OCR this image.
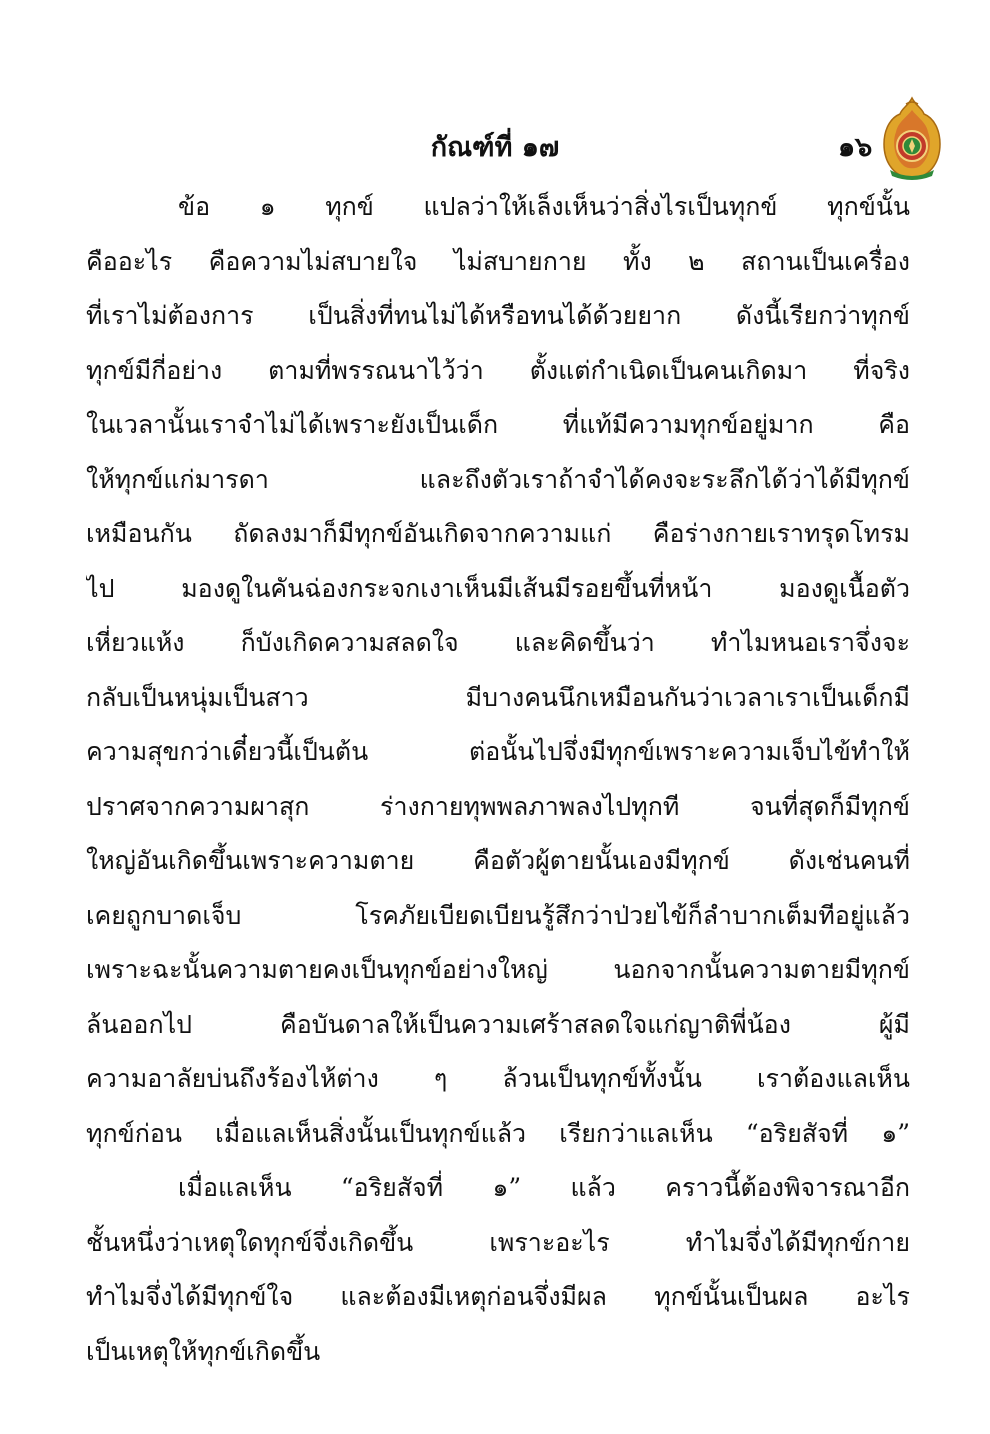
กัณฑ์ที่ ๑๗	๑๖
ข้อ ๑ ทุกข์ แปลว่าให้เล็งเห็นว่าสิ่งไรเป็นทุกข์ ทุกข์นั้น
คืออะไร คือความไม่สบายใจ ไม่สบายกาย ทั้ง ๒ สถานเป็นเครื่อง
ที่เราไม่ต้องการ เป็นสิ่งที่ทนไม่ได้หรือทนได้ด้วยยาก ดังนี้เรียกว่าทุกข์
ทุกข์มีกี่อย่าง ตามที่พรรณนาไว้ว่า ตั้งแต่กำเนิดเป็นคนเกิดมา ที่จริง
ในเวลานั้นเราจำไม่ได้เพราะยังเป็นเด็ก ที่แท้มีความทุกข์อยู่มาก คือ
ให้ทุกข์แก่มารดา และถึงตัวเราถ้าจำได้คงจะระลึกได้ว่าได้มีทุกข์
เหมือนกัน ถัดลงมาก็มีทุกข์อันเกิดจากความแก่ คือร่างกายเราทรุดโทรม
ไป มองดูในคันฉ่องกระจกเงาเห็นมีเส้นมีรอยขึ้นที่หน้า มองดูเนื้อตัว
เหี่ยวแห้ง ก็บังเกิดความสลดใจ และคิดขึ้นว่า ทำไมหนอเราจึ่งจะ
กลับเป็นหนุ่มเป็นสาว มีบางคนนึกเหมือนกันว่าเวลาเราเป็นเด็กมี
ความสุขกว่าเดี๋ยวนี้เป็นต้น ต่อนั้นไปจึ่งมีทุกข์เพราะความเจ็บไข้ทำให้
ปราศจากความผาสุก ร่างกายทุพพลภาพลงไปทุกที จนที่สุดก็มีทุกข์
ใหญ่อันเกิดขึ้นเพราะความตาย คือตัวผู้ตายนั้นเองมีทุกข์ ดังเช่นคนที่
เคยถูกบาดเจ็บ โรคภัยเบียดเบียนรู้สึกว่าป่วยไข้ก็ลำบากเต็มทีอยู่แล้ว
เพราะฉะนั้นความตายคงเป็นทุกข์อย่างใหญ่ นอกจากนั้นความตายมีทุกข์
ล้นออกไป คือบันดาลให้เป็นความเศร้าสลดใจแก่ญาติพี่น้อง ผู้มี
ความอาลัยบ่นถึงร้องไห้ต่าง ๆ ล้วนเป็นทุกข์ทั้งนั้น เราต้องแลเห็น
ทุกข์ก่อน เมื่อแลเห็นสิ่งนั้นเป็นทุกข์แล้ว เรียกว่าแลเห็น “อริยสัจที่ ๑”
เมื่อแลเห็น “อริยสัจที่ ๑” แล้ว คราวนี้ต้องพิจารณาอีก
ชั้นหนึ่งว่าเหตุใดทุกข์จึ่งเกิดขึ้น เพราะอะไร ทำไมจึ่งได้มีทุกข์กาย
ทำไมจึ่งได้มีทุกข์ใจ และต้องมีเหตุก่อนจึ่งมีผล ทุกข์นั้นเป็นผล อะไร
เป็นเหตุให้ทุกข์เกิดขึ้น
